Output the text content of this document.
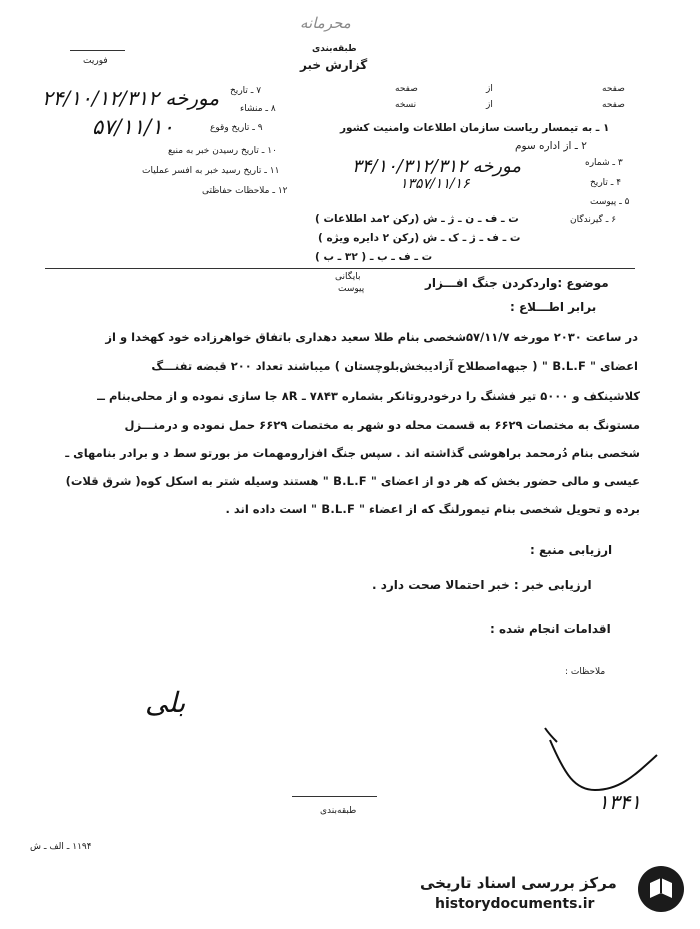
محرمانه
طبقه‌بندی
گزارش خبر
فوریت
صفحه
از
صفحه
صفحه
از
نسخه
۷ ـ تاریخ
۲۴/۱۰/۱۲/۳۱۲ مورخه ۸ ـ منشاء
۹ ـ تاریخ وقوع
۵۷/۱۱/۱۰
۱۰ ـ تاریخ رسیدن خبر به منبع
۱۱ ـ تاریخ رسید خبر به افسر عملیات
۱۲ ـ ملاحظات حفاظتی
۱ ـ به تیمسار ریاست سازمان اطلاعات وامنیت کشور
۲ ـ از اداره سوم
۳ ـ شماره
۳۴/۱۰/۳۱۲/۳۱۲ مورخه
۴ ـ تاریخ
۱۳۵۷/۱۱/۱۶
۵ ـ پیوست
۶ ـ گیرندگان
ت ـ ف ـ ن ـ ژ ـ ش (رکن ۲مد اطلاعات )
ت ـ ف ـ ژ ـ ک ـ ش (رکن ۲ دایره ویژه )
ت ـ ف ـ ب ـ ( ۳۲ ـ ب )
بایگانی
پیوست	موضوع :واردکردن جنگ افـــزار
برابر اطـــلاع :
در ساعت ۲۰۳۰ مورخه ۵۷/۱۱/۷شخصی بنام طلا سعید دهداری باتفاق خواهرزاده خود کهخدا و از
اعضای " B.L.F " ( جبهه‌اصطلاح آزادیبخش‌بلوچستان ) میباشند تعداد ۲۰۰ قبضه تفنـــگ
کلاشینکف و ۵۰۰۰ تیر فشنگ را درخودروتانکر بشماره ۷۸۴۳ ـ ۸R جا سازی نموده و از محلی‌بنام ــ
مستونگ به مختصات ۶۶۲۹ به قسمت محله دو شهر به مختصات ۶۶۲۹ حمل نموده و درمنـــزل
شخصی بنام دُرمحمد براهوشی گذاشته اند . سپس جنگ افزارومهمات مز بورتو سط د و برادر بنامهای ـ
عیسی و مالی حضور بخش که هر دو از اعضای " B.L.F " هستند وسیله شتر به اسکل کوه( شرق قلات)
برده و تحویل شخصی بنام تیمورلنگ که از اعضاء " B.L.F " است داده اند .
ارزیابی منبع :
ارزیابی خبر : خبر احتمالا صحت دارد .
اقدامات انجام شده :
ملاحظات :
بلی
۱۳۴۱
طبقه‌بندی
۱۱۹۴ ـ الف ـ ش
مرکز بررسی اسناد تاریخی
historydocuments.ir
